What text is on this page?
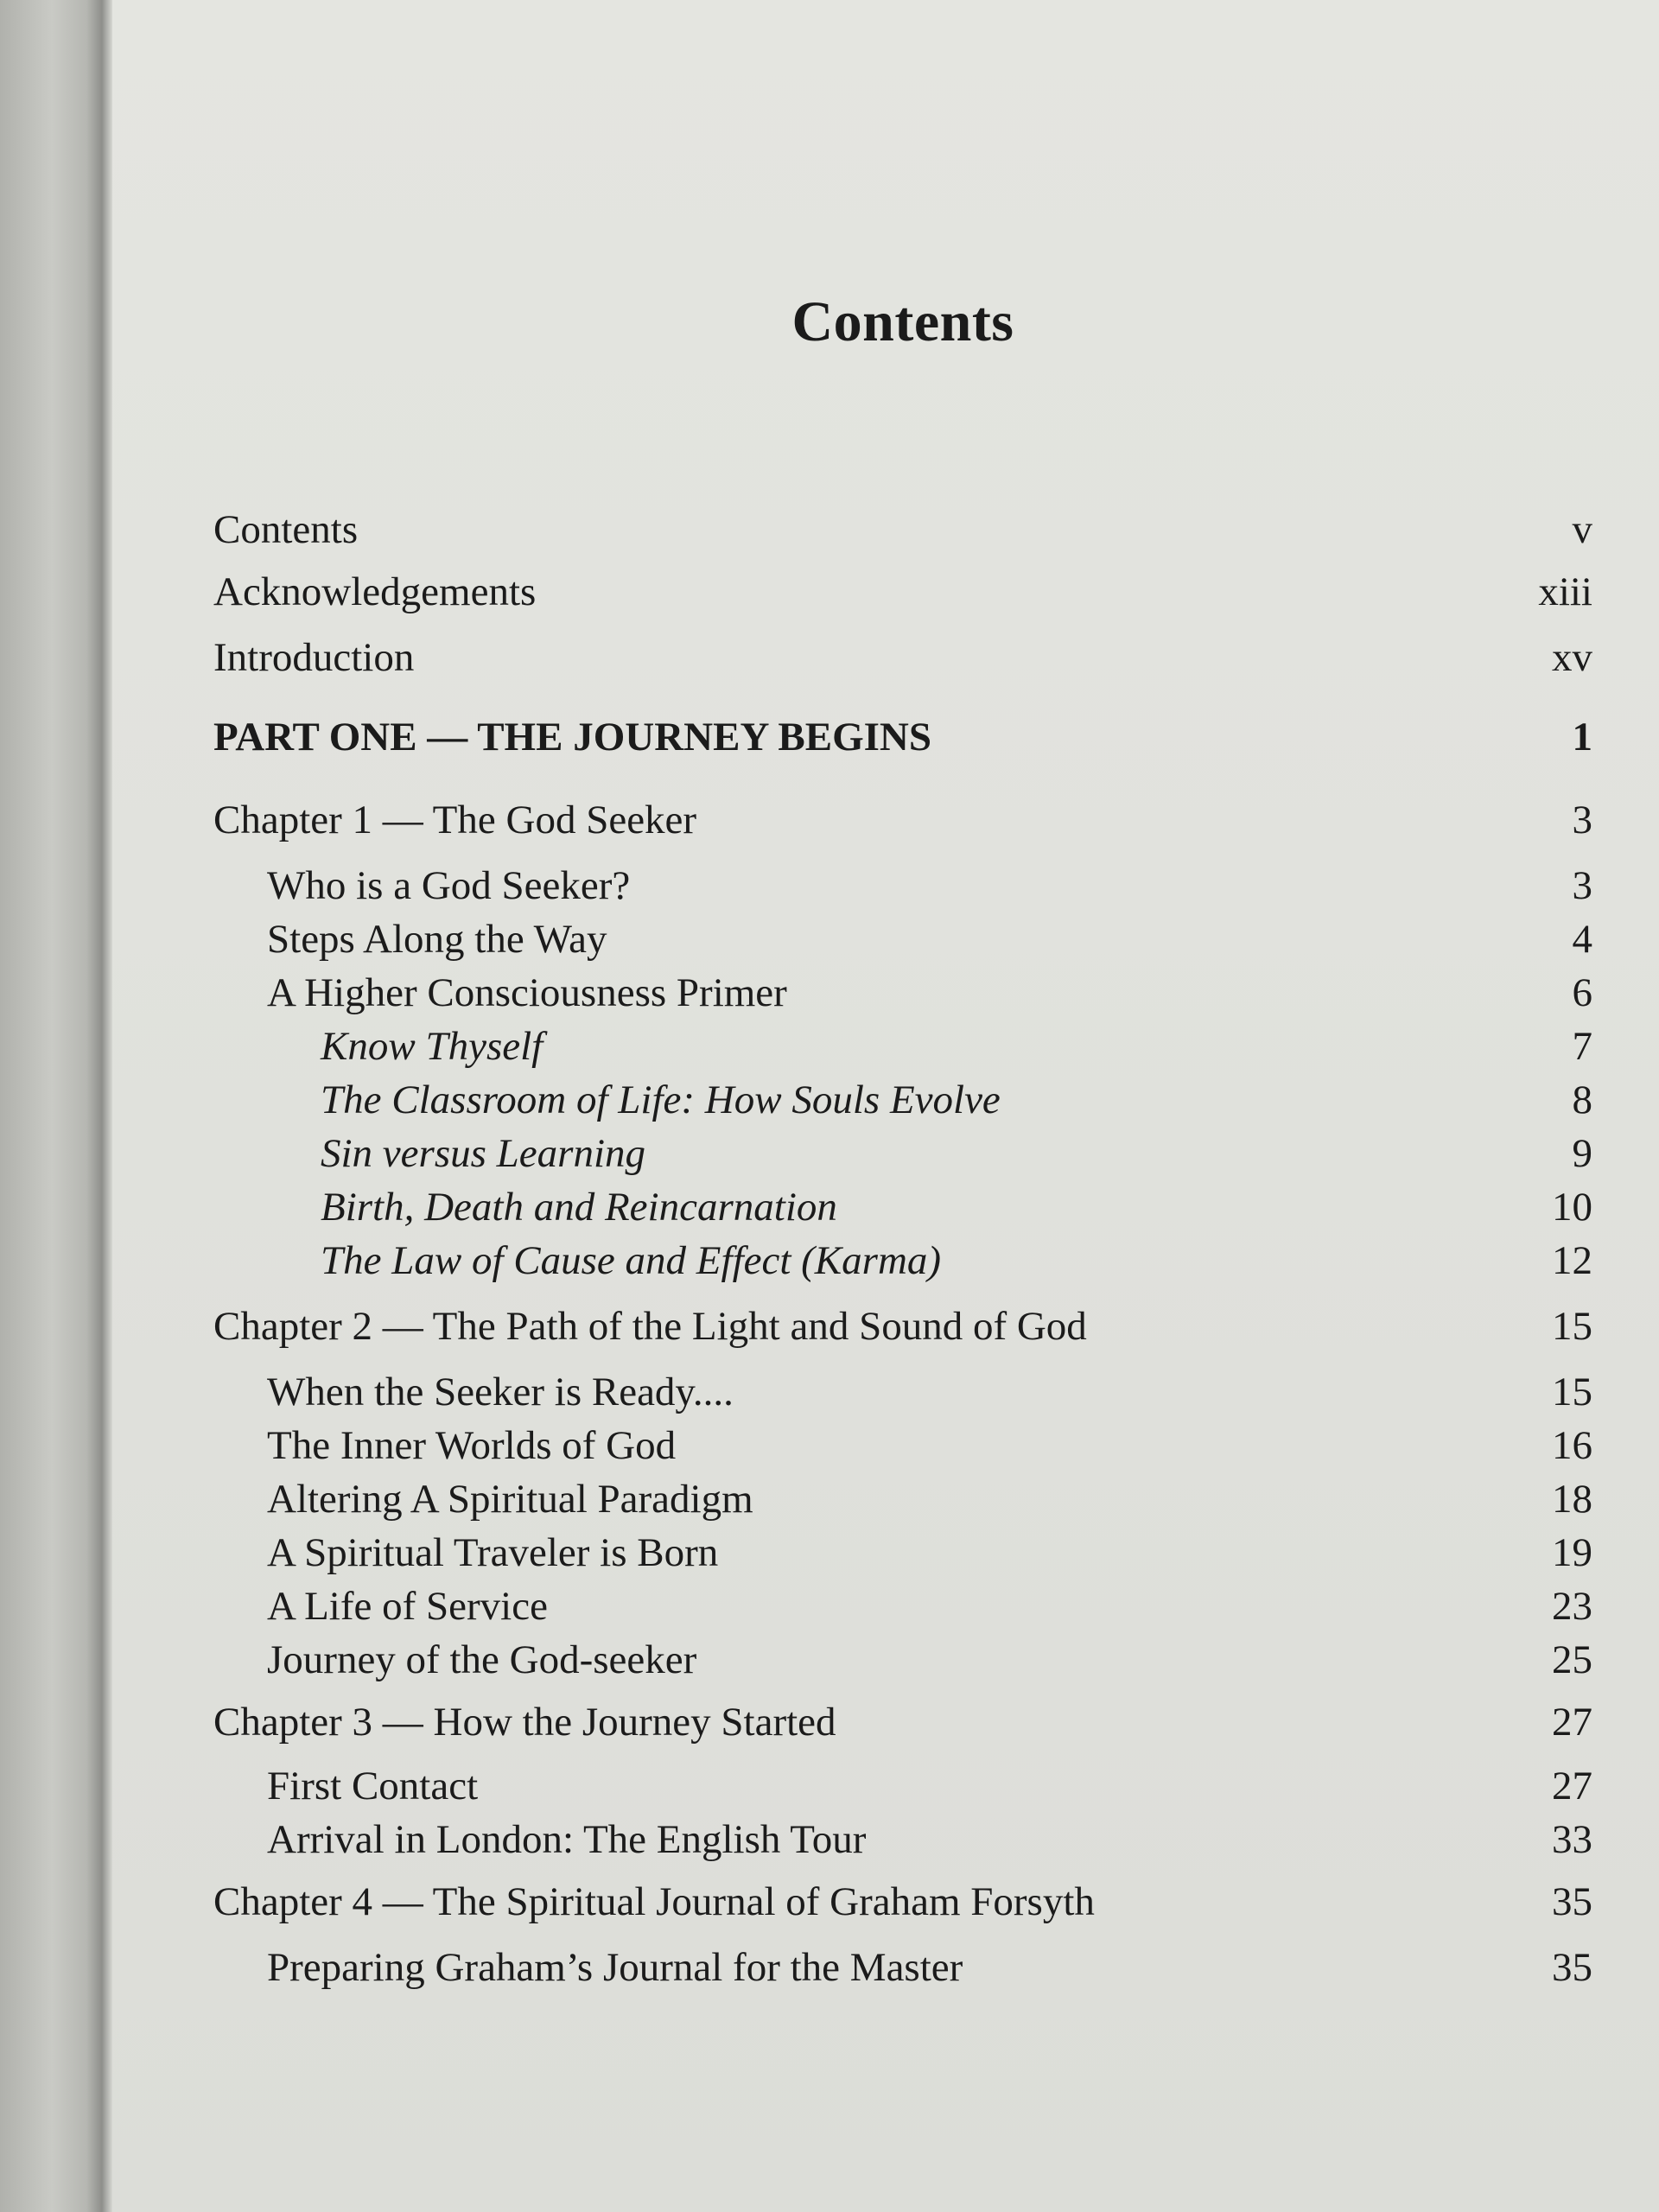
Contents
Contents	v
Acknowledgements	xiii
Introduction	xv
PART ONE — THE JOURNEY BEGINS	1
Chapter 1 — The God Seeker	3
Who is a God Seeker?	3
Steps Along the Way	4
A Higher Consciousness Primer	6
Know Thyself	7
The Classroom of Life: How Souls Evolve	8
Sin versus Learning	9
Birth, Death and Reincarnation	10
The Law of Cause and Effect (Karma)	12
Chapter 2 — The Path of the Light and Sound of God	15
When the Seeker is Ready....	15
The Inner Worlds of God	16
Altering A Spiritual Paradigm	18
A Spiritual Traveler is Born	19
A Life of Service	23
Journey of the God-seeker	25
Chapter 3 — How the Journey Started	27
First Contact	27
Arrival in London: The English Tour	33
Chapter 4 — The Spiritual Journal of Graham Forsyth	35
Preparing Graham’s Journal for the Master	35
